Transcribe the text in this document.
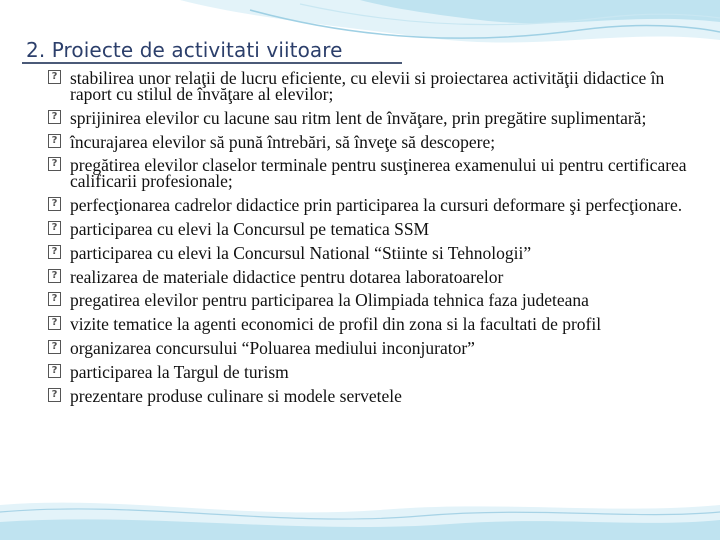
2. Proiecte de activitati viitoare
? stabilirea unor relaţii de lucru eficiente, cu elevii si proiectarea activităţii didactice în raport cu stilul de învăţare al elevilor;
? sprijinirea elevilor cu lacune sau ritm lent de învăţare, prin pregătire suplimentară;
? încurajarea elevilor să pună întrebări, să înveţe să descopere;
? pregătirea elevilor claselor terminale pentru susţinerea examenului ui pentru certificarea calificarii profesionale;
? perfecţionarea cadrelor didactice prin participarea la cursuri deformare şi perfecţionare.
? participarea cu elevi la Concursul pe tematica SSM
? participarea cu elevi la Concursul National “Stiinte si Tehnologii”
? realizarea de materiale didactice pentru dotarea laboratoarelor
? pregatirea elevilor pentru participarea la Olimpiada tehnica faza judeteana
? vizite tematice la agenti economici de profil din zona si la facultati de profil
? organizarea concursului “Poluarea mediului inconjurator”
? participarea la Targul de turism
? prezentare produse culinare si modele servetele
